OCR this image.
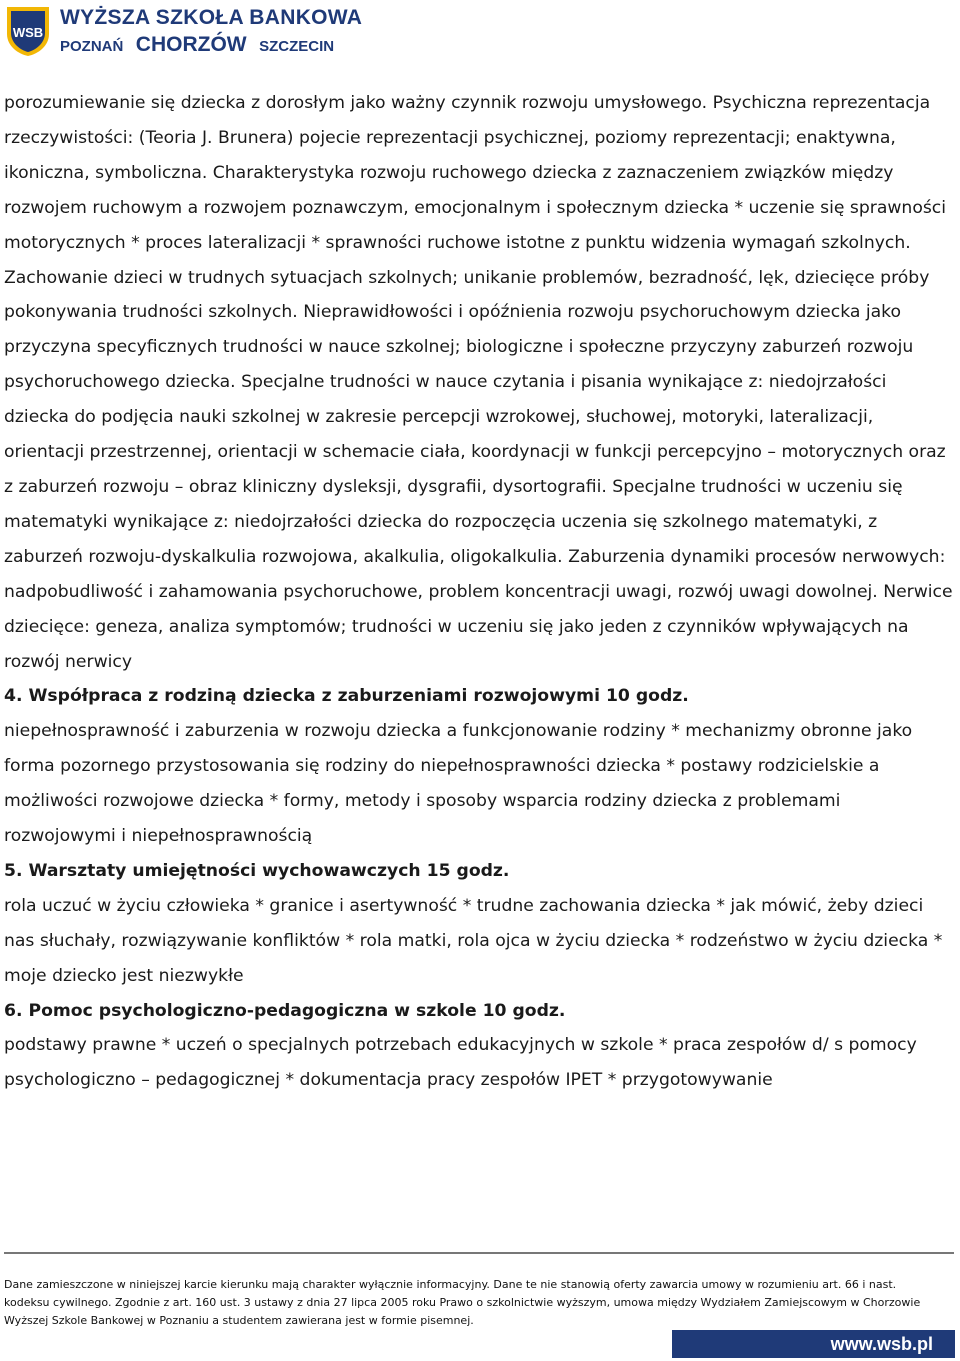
WSB
WYŻSZA SZKOŁA BANKOWA
POZNAŃ CHORZÓW SZCZECIN

porozumiewanie się dziecka z dorosłym jako ważny czynnik rozwoju umysłowego. Psychiczna reprezentacja rzeczywistości: (Teoria J. Brunera) pojecie reprezentacji psychicznej, poziomy reprezentacji; enaktywna, ikoniczna, symboliczna. Charakterystyka rozwoju ruchowego dziecka z zaznaczeniem związków między rozwojem ruchowym a rozwojem poznawczym, emocjonalnym i społecznym dziecka * uczenie się sprawności motorycznych * proces lateralizacji * sprawności ruchowe istotne z punktu widzenia wymagań szkolnych. Zachowanie dzieci w trudnych sytuacjach szkolnych; unikanie problemów, bezradność, lęk, dziecięce próby pokonywania trudności szkolnych. Nieprawidłowości i opóźnienia rozwoju psychoruchowym dziecka jako przyczyna specyficznych trudności w nauce szkolnej; biologiczne i społeczne przyczyny zaburzeń rozwoju psychoruchowego dziecka. Specjalne trudności w nauce czytania i pisania wynikające z: niedojrzałości dziecka do podjęcia nauki szkolnej w zakresie percepcji wzrokowej, słuchowej, motoryki, lateralizacji, orientacji przestrzennej, orientacji w schemacie ciała, koordynacji w funkcji percepcyjno – motorycznych oraz z zaburzeń rozwoju – obraz kliniczny dysleksji, dysgrafii, dysortografii. Specjalne trudności w uczeniu się matematyki wynikające z: niedojrzałości dziecka do rozpoczęcia uczenia się szkolnego matematyki, z zaburzeń rozwoju-dyskalkulia rozwojowa, akalkulia, oligokalkulia. Zaburzenia dynamiki procesów nerwowych: nadpobudliwość i zahamowania psychoruchowe, problem koncentracji uwagi, rozwój uwagi dowolnej. Nerwice dziecięce: geneza, analiza symptomów; trudności w uczeniu się jako jeden z czynników wpływających na rozwój nerwicy

4. Współpraca z rodziną dziecka z zaburzeniami rozwojowymi 10 godz.

niepełnosprawność i zaburzenia w rozwoju dziecka a funkcjonowanie rodziny * mechanizmy obronne jako forma pozornego przystosowania się rodziny do niepełnosprawności dziecka * postawy rodzicielskie a możliwości rozwojowe dziecka * formy, metody i sposoby wsparcia rodziny dziecka z problemami rozwojowymi i niepełnosprawnością

5. Warsztaty umiejętności wychowawczych 15 godz.

rola uczuć w życiu człowieka * granice i asertywność * trudne zachowania dziecka * jak mówić, żeby dzieci nas słuchały, rozwiązywanie konfliktów * rola matki, rola ojca w życiu dziecka * rodzeństwo w życiu dziecka * moje dziecko jest niezwykłe

6. Pomoc psychologiczno-pedagogiczna w szkole 10 godz.

podstawy prawne * uczeń o specjalnych potrzebach edukacyjnych w szkole * praca zespołów d/ s pomocy psychologiczno – pedagogicznej * dokumentacja pracy zespołów IPET * przygotowywanie

Dane zamieszczone w niniejszej karcie kierunku mają charakter wyłącznie informacyjny. Dane te nie stanowią oferty zawarcia umowy w rozumieniu art. 66 i nast.

kodeksu cywilnego. Zgodnie z art. 160 ust. 3 ustawy z dnia 27 lipca 2005 roku Prawo o szkolnictwie wyższym, umowa między Wydziałem Zamiejscowym w Chorzowie

Wyższej Szkole Bankowej w Poznaniu a studentem zawierana jest w formie pisemnej.

www.wsb.pl
